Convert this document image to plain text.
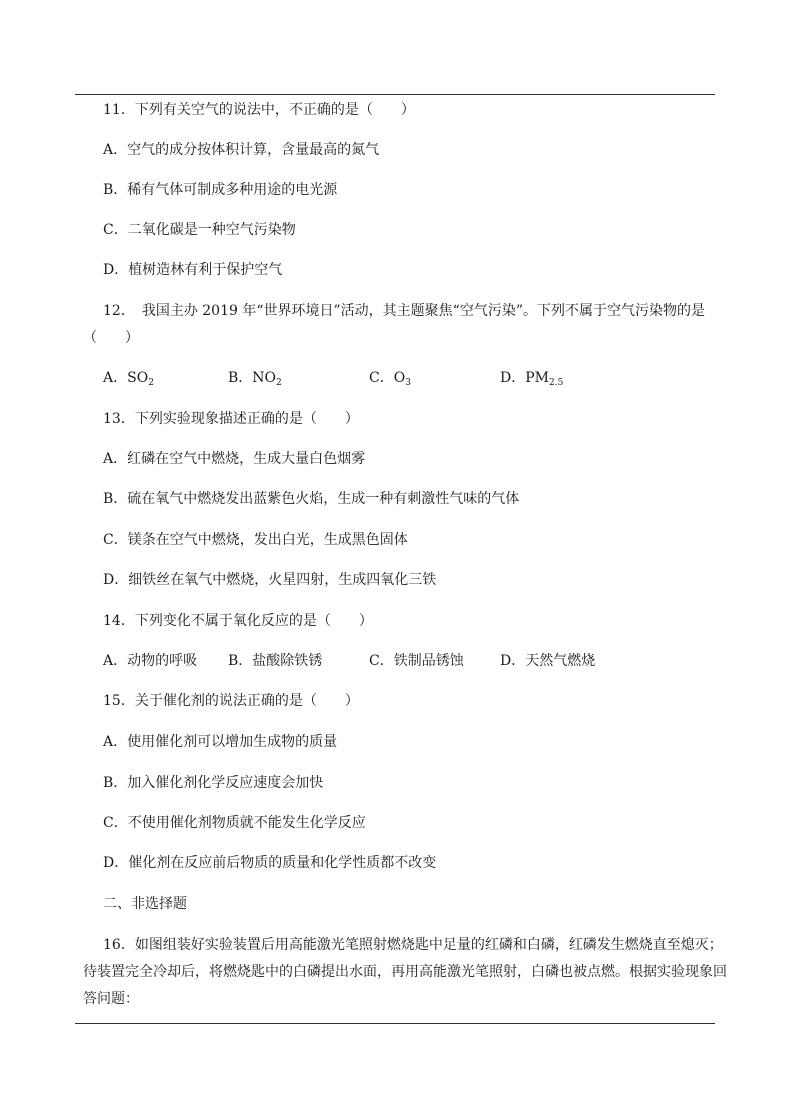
11．下列有关空气的说法中，不正确的是（　　）
A．空气的成分按体积计算，含量最高的氮气
B．稀有气体可制成多种用途的电光源
C．二氧化碳是一种空气污染物
D．植树造林有利于保护空气
12．　我国主办 2019 年“世界环境日”活动，其主题聚焦“空气污染”。下列不属于空气污染物的是
（　　）
A．$SO_2$	B．$NO_2$	C．$O_3$	D．$PM_{2.5}$
13．下列实验现象描述正确的是（　　）
A．红磷在空气中燃烧，生成大量白色烟雾
B．硫在氧气中燃烧发出蓝紫色火焰，生成一种有刺激性气味的气体
C．镁条在空气中燃烧，发出白光，生成黑色固体
D．细铁丝在氧气中燃烧，火星四射，生成四氧化三铁
14．下列变化不属于氧化反应的是（　　）
A．动物的呼吸 B．盐酸除铁锈	C．铁制品锈蚀	D．天然气燃烧
15．关于催化剂的说法正确的是（　　）
A．使用催化剂可以增加生成物的质量
B．加入催化剂化学反应速度会加快
C．不使用催化剂物质就不能发生化学反应
D．催化剂在反应前后物质的质量和化学性质都不改变
二、非选择题
16．如图组装好实验装置后用高能激光笔照射燃烧匙中足量的红磷和白磷，红磷发生燃烧直至熄灭；
待装置完全冷却后，将燃烧匙中的白磷提出水面，再用高能激光笔照射，白磷也被点燃。根据实验现象回
答问题：
